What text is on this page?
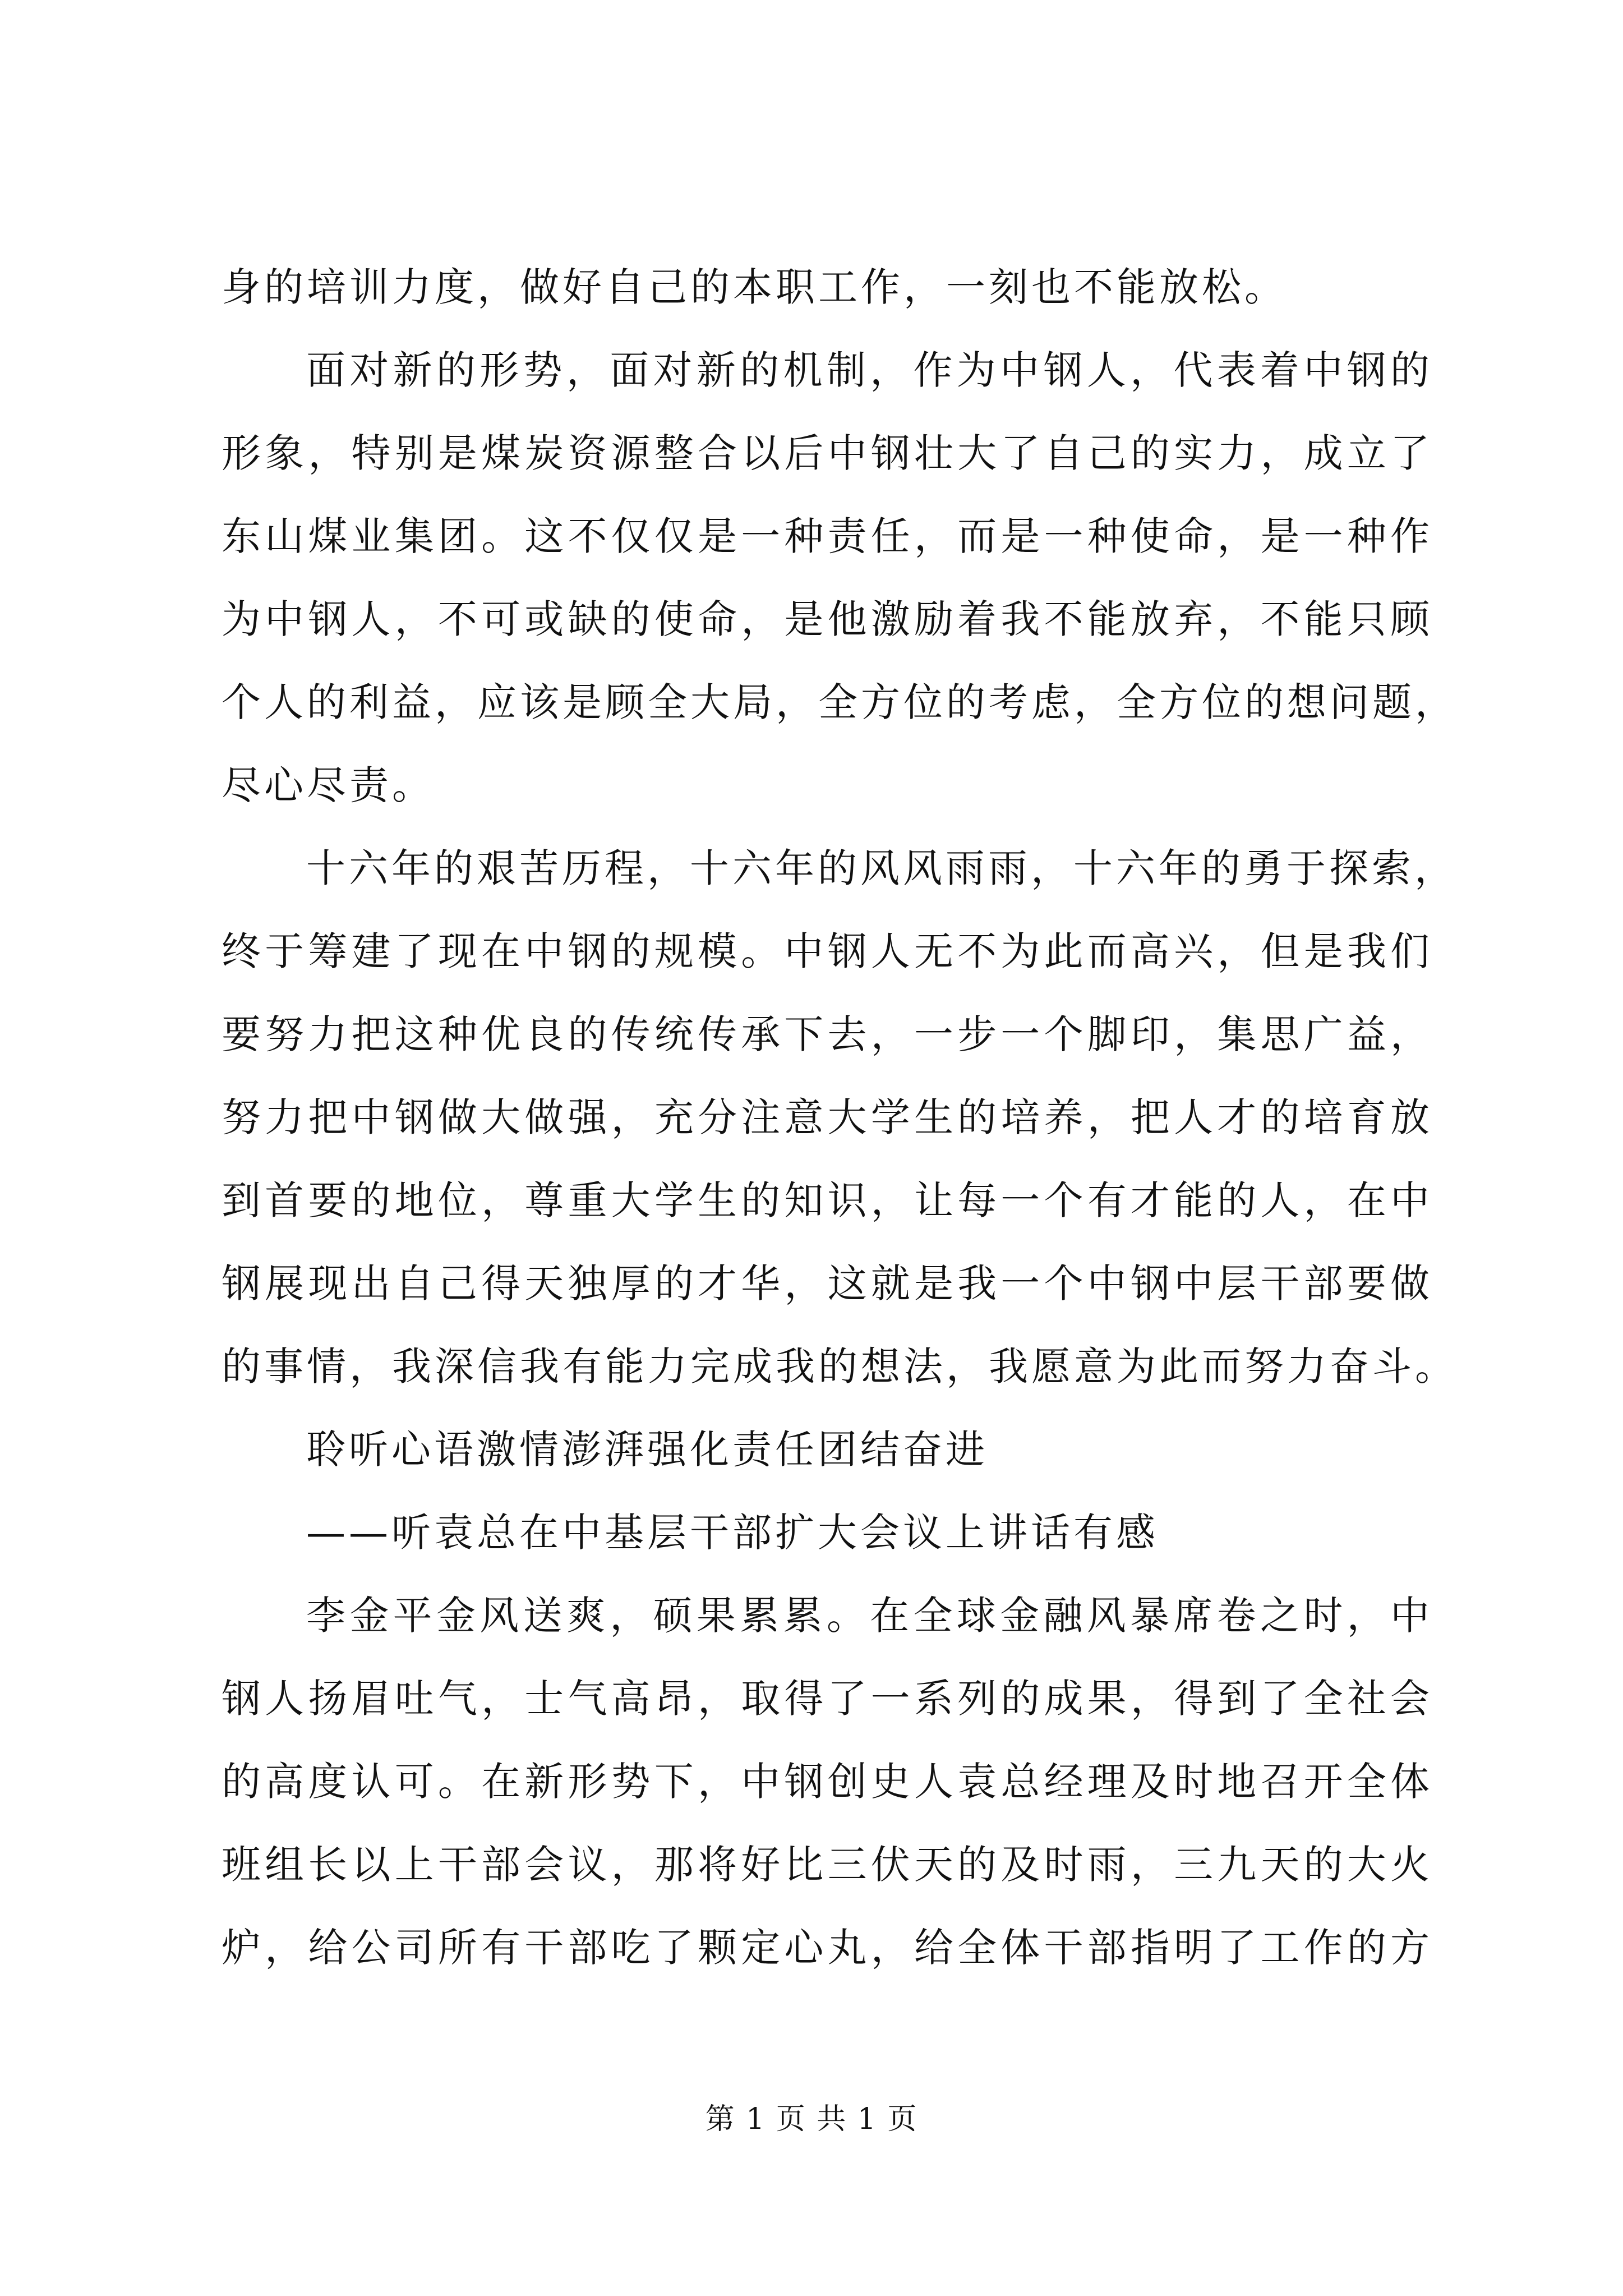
身的培训力度，做好自己的本职工作，一刻也不能放松。
面对新的形势，面对新的机制，作为中钢人，代表着中钢的
形象，特别是煤炭资源整合以后中钢壮大了自己的实力，成立了
东山煤业集团。这不仅仅是一种责任，而是一种使命，是一种作
为中钢人，不可或缺的使命，是他激励着我不能放弃，不能只顾
个人的利益，应该是顾全大局，全方位的考虑，全方位的想问题，
尽心尽责。
十六年的艰苦历程，十六年的风风雨雨，十六年的勇于探索，
终于筹建了现在中钢的规模。中钢人无不为此而高兴，但是我们
要努力把这种优良的传统传承下去，一步一个脚印，集思广益，
努力把中钢做大做强，充分注意大学生的培养，把人才的培育放
到首要的地位，尊重大学生的知识，让每一个有才能的人，在中
钢展现出自己得天独厚的才华，这就是我一个中钢中层干部要做
的事情，我深信我有能力完成我的想法，我愿意为此而努力奋斗。
聆听心语激情澎湃强化责任团结奋进
——听袁总在中基层干部扩大会议上讲话有感
李金平金风送爽，硕果累累。在全球金融风暴席卷之时，中
钢人扬眉吐气，士气高昂，取得了一系列的成果，得到了全社会
的高度认可。在新形势下，中钢创史人袁总经理及时地召开全体
班组长以上干部会议，那将好比三伏天的及时雨，三九天的大火
炉，给公司所有干部吃了颗定心丸，给全体干部指明了工作的方
第 1 页 共 1 页
